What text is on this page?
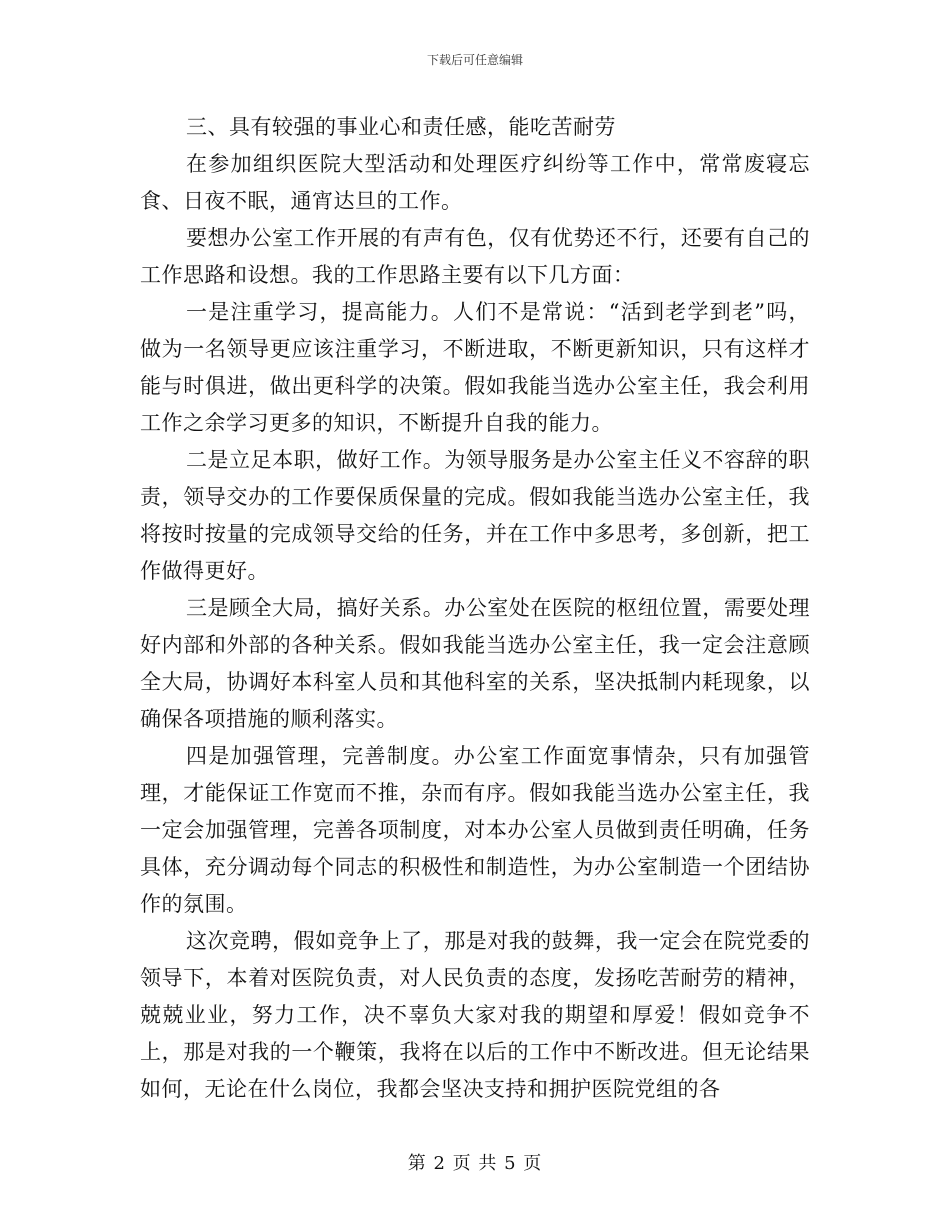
下载后可任意编辑

三、具有较强的事业心和责任感，能吃苦耐劳

在参加组织医院大型活动和处理医疗纠纷等工作中，常常废寝忘食、日夜不眠，通宵达旦的工作。

要想办公室工作开展的有声有色，仅有优势还不行，还要有自己的工作思路和设想。我的工作思路主要有以下几方面：

一是注重学习，提高能力。人们不是常说：“活到老学到老”吗，做为一名领导更应该注重学习，不断进取，不断更新知识，只有这样才能与时俱进，做出更科学的决策。假如我能当选办公室主任，我会利用工作之余学习更多的知识，不断提升自我的能力。

二是立足本职，做好工作。为领导服务是办公室主任义不容辞的职责，领导交办的工作要保质保量的完成。假如我能当选办公室主任，我将按时按量的完成领导交给的任务，并在工作中多思考，多创新，把工作做得更好。

三是顾全大局，搞好关系。办公室处在医院的枢纽位置，需要处理好内部和外部的各种关系。假如我能当选办公室主任，我一定会注意顾全大局，协调好本科室人员和其他科室的关系，坚决抵制内耗现象，以确保各项措施的顺利落实。

四是加强管理，完善制度。办公室工作面宽事情杂，只有加强管理，才能保证工作宽而不推，杂而有序。假如我能当选办公室主任，我一定会加强管理，完善各项制度，对本办公室人员做到责任明确，任务具体，充分调动每个同志的积极性和制造性，为办公室制造一个团结协作的氛围。

这次竞聘，假如竞争上了，那是对我的鼓舞，我一定会在院党委的领导下，本着对医院负责，对人民负责的态度，发扬吃苦耐劳的精神，兢兢业业，努力工作，决不辜负大家对我的期望和厚爱！假如竞争不上，那是对我的一个鞭策，我将在以后的工作中不断改进。但无论结果如何，无论在什么岗位，我都会坚决支持和拥护医院党组的各

第 2 页 共 5 页
